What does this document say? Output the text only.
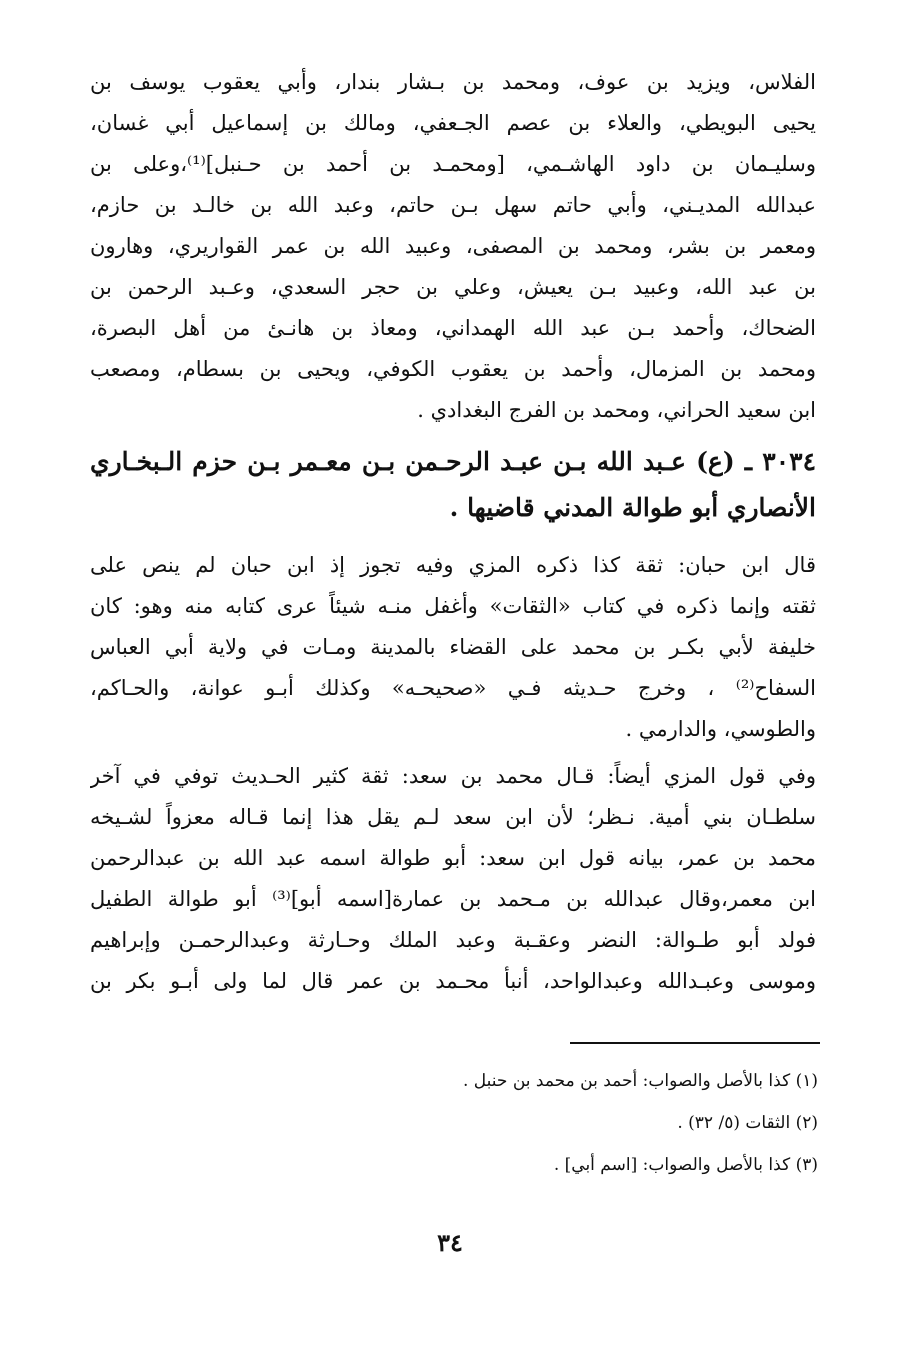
الفلاس، ويزيد بن عوف، ومحمد بن بـشار بندار، وأبي يعقوب يوسف بن
يحيى البويطي، والعلاء بن عصم الجـعفي، ومالك بن إسماعيل أبي غسان،
وسليـمان بن داود الهاشـمي، [ومحمـد بن أحمد بن حـنبل]⁽¹⁾،وعلى بن
عبدالله المديـني، وأبي حاتم سهل بـن حاتم، وعبد الله بن خالـد بن حازم،
ومعمر بن بشر، ومحمد بن المصفى، وعبيد الله بن عمر القواريري، وهارون
بن عبد الله، وعبيد بـن يعيش، وعلي بن حجر السعدي، وعـبد الرحمن بن
الضحاك، وأحمد بـن عبد الله الهمداني، ومعاذ بن هانـئ من أهل البصرة،
ومحمد بن المزمال، وأحمد بن يعقوب الكوفي، ويحيى بن بسطام، ومصعب
ابن سعيد الحراني، ومحمد بن الفرج البغدادي .
٣٠٣٤ ـ (ع) عـبد الله بـن عبـد الرحـمن بـن معـمر بـن حزم الـبخـاري
الأنصاري أبو طوالة المدني قاضيها .
قال ابن حبان: ثقة كذا ذكره المزي وفيه تجوز إذ ابن حبان لم ينص على
ثقته وإنما ذكره في كتاب «الثقات» وأغفل منـه شيئاً عرى كتابه منه وهو: كان
خليفة لأبي بكـر بن محمد على القضاء بالمدينة ومـات في ولاية أبي العباس
السفاح⁽²⁾ ، وخرج حـديثه فـي «صحيحـه» وكذلك أبـو عوانة، والحـاكم،
والطوسي، والدارمي .
وفي قول المزي أيضاً: قـال محمد بن سعد: ثقة كثير الحـديث توفي في آخر
سلطـان بني أمية. نـظر؛ لأن ابن سعد لـم يقل هذا إنما قـاله معزواً لشـيخه
محمد بن عمر، بيانه قول ابن سعد: أبو طوالة اسمه عبد الله بن عبدالرحمن
ابن معمر،وقال عبدالله بن مـحمد بن عمارة[اسمه أبو]⁽³⁾ أبو طوالة الطفيل
فولد أبو طـوالة: النضر وعقـبة وعبد الملك وحـارثة وعبدالرحمـن وإبراهيم
وموسى وعبـدالله وعبدالواحد، أنبأ محـمد بن عمر قال لما ولى أبـو بكر بن
(١) كذا بالأصل والصواب: أحمد بن محمد بن حنبل .
(٢) الثقات (٥/ ٣٢) .
(٣) كذا بالأصل والصواب: [اسم أبي] .
٣٤
